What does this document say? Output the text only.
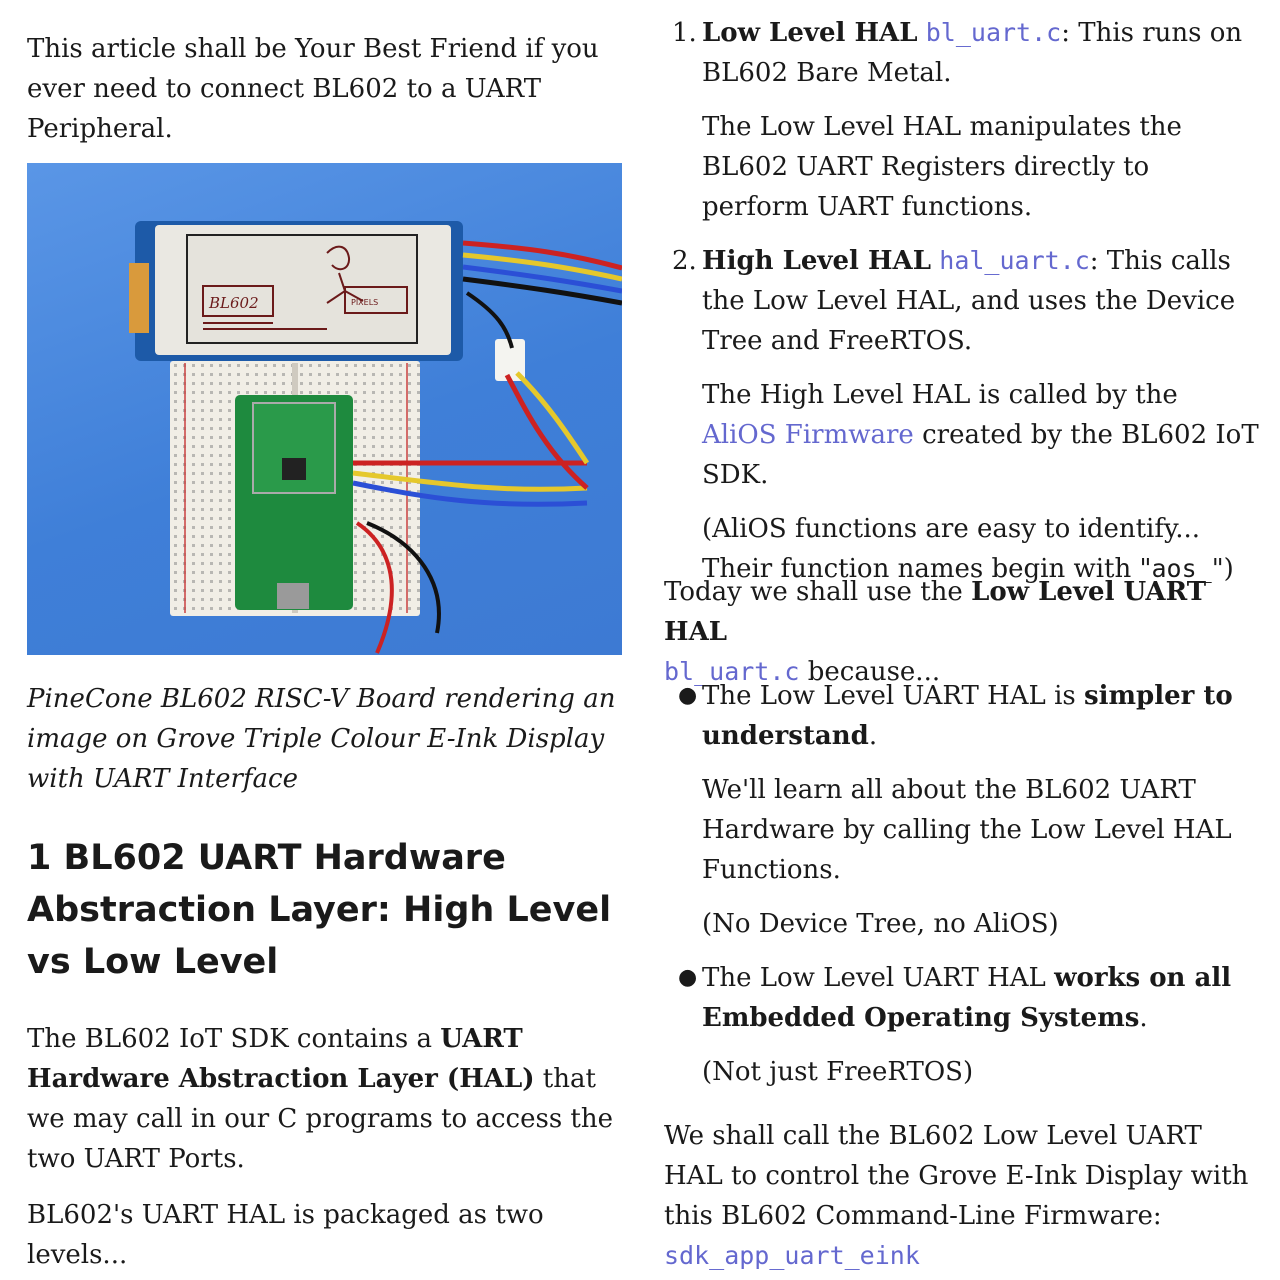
This article shall be Your Best Friend if you ever need to connect BL602 to a UART Peripheral.

BL602	PIXELS

PineCone BL602 RISC-V Board rendering an image on Grove Triple Colour E-Ink Display with UART Interface

1 BL602 UART Hardware Abstraction Layer: High Level vs Low Level

The BL602 IoT SDK contains a UART Hardware Abstraction Layer (HAL) that we may call in our C programs to access the two UART Ports.

BL602's UART HAL is packaged as two levels...

1. Low Level HAL bl_uart.c: This runs on BL602 Bare Metal.

The Low Level HAL manipulates the BL602 UART Registers directly to perform UART functions.

2. High Level HAL hal_uart.c: This calls the Low Level HAL, and uses the Device Tree and FreeRTOS.

The High Level HAL is called by the AliOS Firmware created by the BL602 IoT SDK.

(AliOS functions are easy to identify... Their function names begin with "aos_")

Today we shall use the Low Level UART HAL
bl_uart.c because...

● The Low Level UART HAL is simpler to understand.

We'll learn all about the BL602 UART Hardware by calling the Low Level HAL Functions.

(No Device Tree, no AliOS)

● The Low Level UART HAL works on all Embedded Operating Systems.

(Not just FreeRTOS)

We shall call the BL602 Low Level UART HAL to control the Grove E-Ink Display with this BL602 Command-Line Firmware:
sdk_app_uart_eink
